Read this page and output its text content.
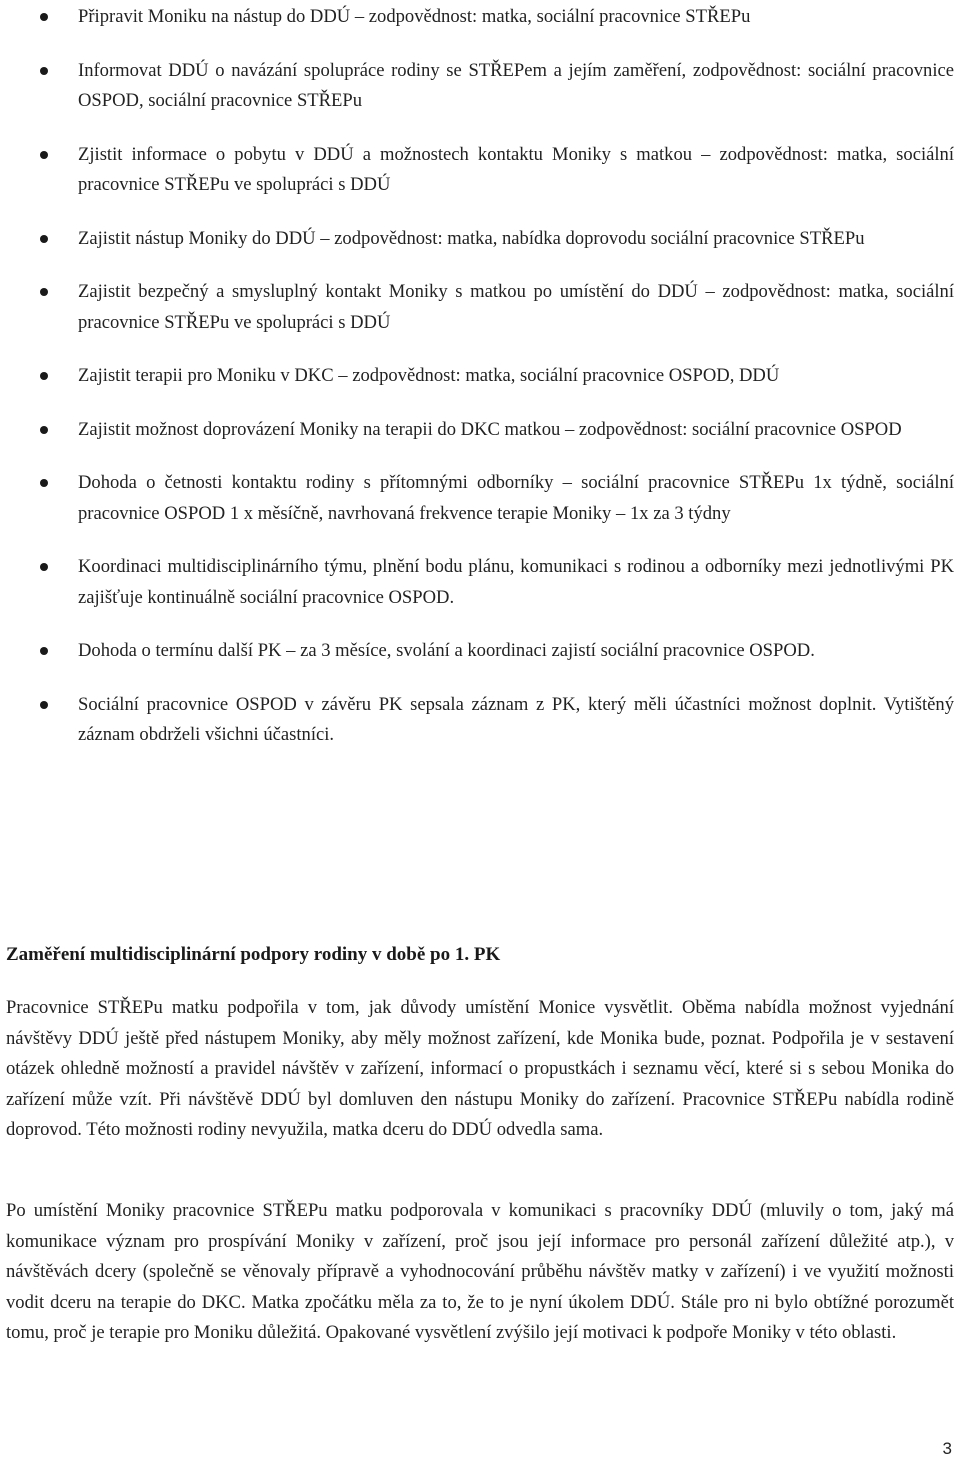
Připravit Moniku na nástup do DDÚ – zodpovědnost: matka, sociální pracovnice STŘEPu
Informovat DDÚ o navázání spolupráce rodiny se STŘEPem a jejím zaměření, zodpovědnost: sociální pracovnice OSPOD, sociální pracovnice STŘEPu
Zjistit informace o pobytu v DDÚ a možnostech kontaktu Moniky s matkou – zodpovědnost: matka, sociální pracovnice STŘEPu ve spolupráci s DDÚ
Zajistit nástup Moniky do DDÚ – zodpovědnost: matka, nabídka doprovodu sociální pracovnice STŘEPu
Zajistit bezpečný a smysluplný kontakt Moniky s matkou po umístění do DDÚ – zodpovědnost: matka, sociální pracovnice STŘEPu ve spolupráci s DDÚ
Zajistit terapii pro Moniku v DKC – zodpovědnost: matka, sociální pracovnice OSPOD, DDÚ
Zajistit možnost doprovázení Moniky na terapii do DKC matkou – zodpovědnost: sociální pracovnice OSPOD
Dohoda o četnosti kontaktu rodiny s přítomnými odborníky – sociální pracovnice STŘEPu 1x týdně, sociální pracovnice OSPOD 1 x měsíčně, navrhovaná frekvence terapie Moniky – 1x za 3 týdny
Koordinaci multidisciplinárního týmu, plnění bodu plánu, komunikaci s rodinou a odborníky mezi jednotlivými PK zajišťuje kontinuálně sociální pracovnice OSPOD.
Dohoda o termínu další PK – za 3 měsíce, svolání a koordinaci zajistí sociální pracovnice OSPOD.
Sociální pracovnice OSPOD v závěru PK sepsala záznam z PK, který měli účastníci možnost doplnit. Vytištěný záznam obdrželi všichni účastníci.
Zaměření multidisciplinární podpory rodiny v době po 1. PK

Pracovnice STŘEPu matku podpořila v tom, jak důvody umístění Monice vysvětlit. Oběma nabídla možnost vyjednání návštěvy DDÚ ještě před nástupem Moniky, aby měly možnost zařízení, kde Monika bude, poznat. Podpořila je v sestavení otázek ohledně možností a pravidel návštěv v zařízení, informací o propustkách i seznamu věcí, které si s sebou Monika do zařízení může vzít. Při návštěvě DDÚ byl domluven den nástupu Moniky do zařízení. Pracovnice STŘEPu nabídla rodině doprovod. Této možnosti rodiny nevyužila, matka dceru do DDÚ odvedla sama.

Po umístění Moniky pracovnice STŘEPu matku podporovala v komunikaci s pracovníky DDÚ (mluvily o tom, jaký má komunikace význam pro prospívání Moniky v zařízení, proč jsou její informace pro personál zařízení důležité atp.), v návštěvách dcery (společně se věnovaly přípravě a vyhodnocování průběhu návštěv matky v zařízení) i ve využití možnosti vodit dceru na terapie do DKC. Matka zpočátku měla za to, že to je nyní úkolem DDÚ. Stále pro ni bylo obtížné porozumět tomu, proč je terapie pro Moniku důležitá. Opakované vysvětlení zvýšilo její motivaci k podpoře Moniky v této oblasti.

3
